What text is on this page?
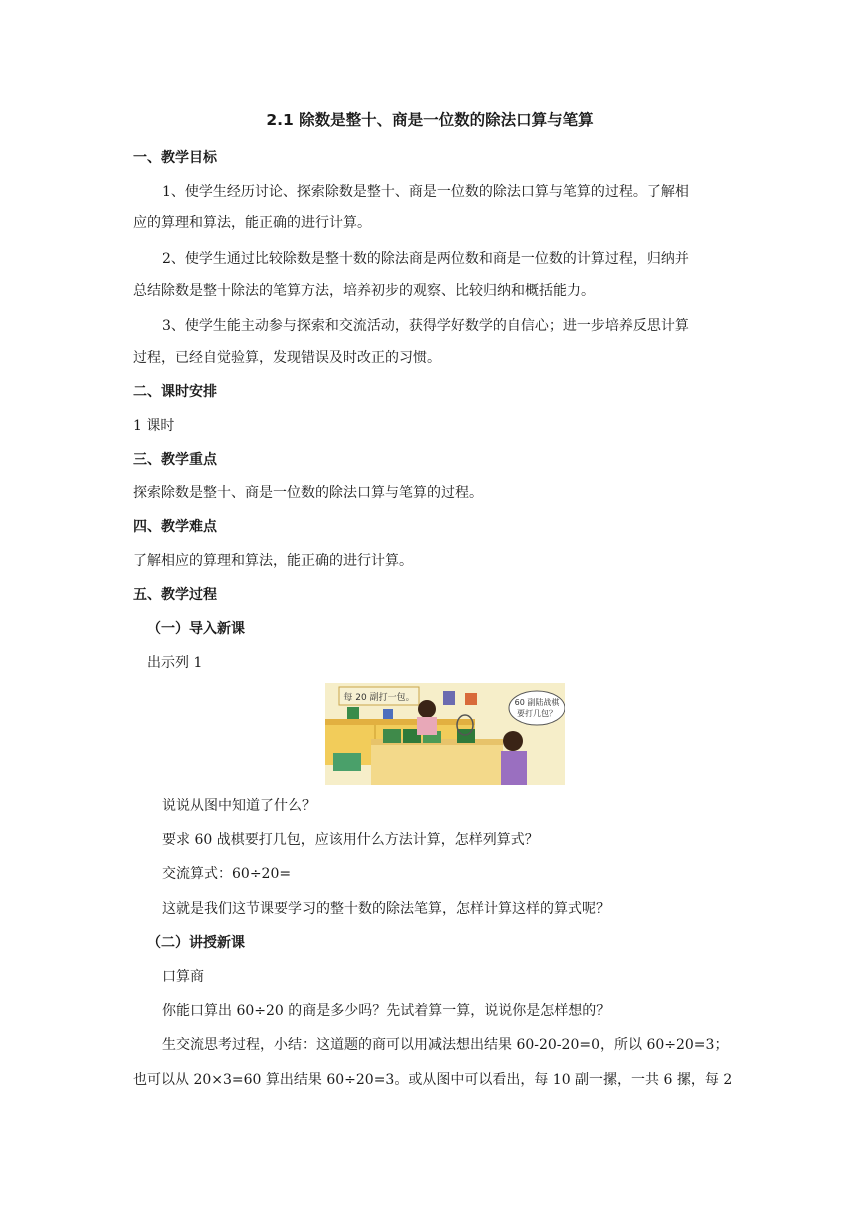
2.1 除数是整十、商是一位数的除法口算与笔算
一、教学目标
1、使学生经历讨论、探索除数是整十、商是一位数的除法口算与笔算的过程。了解相
应的算理和算法，能正确的进行计算。
2、使学生通过比较除数是整十数的除法商是两位数和商是一位数的计算过程，归纳并
总结除数是整十除法的笔算方法，培养初步的观察、比较归纳和概括能力。
3、使学生能主动参与探索和交流活动，获得学好数学的自信心；进一步培养反思计算
过程，已经自觉验算，发现错误及时改正的习惯。
二、课时安排
1 课时
三、教学重点
探索除数是整十、商是一位数的除法口算与笔算的过程。
四、教学难点
了解相应的算理和算法，能正确的进行计算。
五、教学过程
（一）导入新课
出示列 1
每 20 副打一包。	60 副陆战棋
要打几包？
说说从图中知道了什么？
要求 60 战棋要打几包，应该用什么方法计算，怎样列算式？
交流算式：60÷20=
这就是我们这节课要学习的整十数的除法笔算，怎样计算这样的算式呢？
（二）讲授新课
口算商
你能口算出 60÷20 的商是多少吗？先试着算一算，说说你是怎样想的？
生交流思考过程，小结：这道题的商可以用减法想出结果 60-20-20=0，所以 60÷20=3；
也可以从 20×3=60 算出结果 60÷20=3。或从图中可以看出，每 10 副一摞，一共 6 摞，每 2
